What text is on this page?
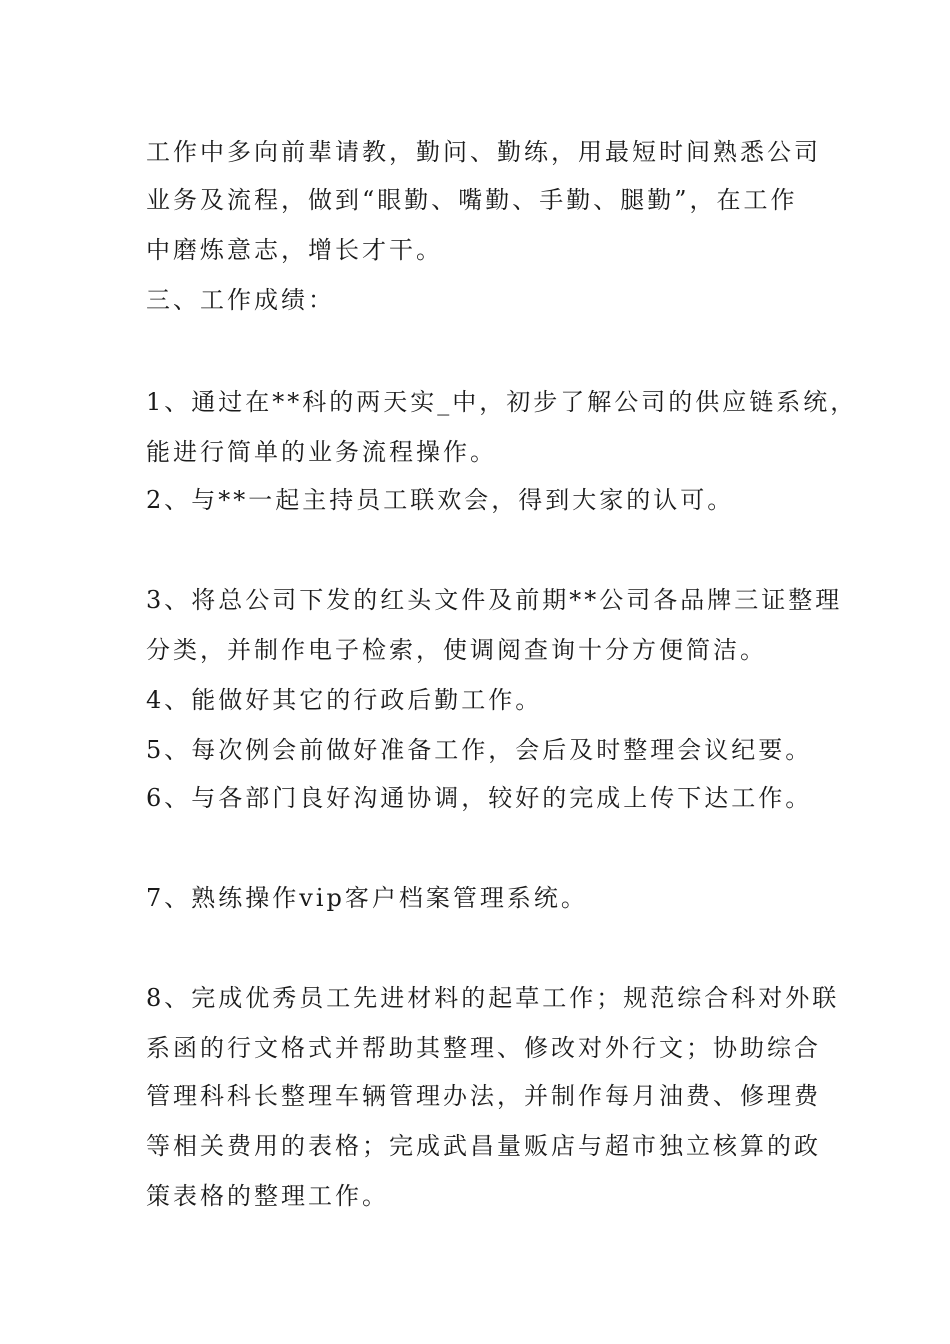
工作中多向前辈请教，勤问、勤练，用最短时间熟悉公司
业务及流程，做到“眼勤、嘴勤、手勤、腿勤”，在工作
中磨炼意志，增长才干。
三、工作成绩：
1、通过在**科的两天实_中，初步了解公司的供应链系统，
能进行简单的业务流程操作。
2、与**一起主持员工联欢会，得到大家的认可。
3、将总公司下发的红头文件及前期**公司各品牌三证整理
分类，并制作电子检索，使调阅查询十分方便简洁。
4、能做好其它的行政后勤工作。
5、每次例会前做好准备工作，会后及时整理会议纪要。
6、与各部门良好沟通协调，较好的完成上传下达工作。
7、熟练操作vip客户档案管理系统。
8、完成优秀员工先进材料的起草工作；规范综合科对外联
系函的行文格式并帮助其整理、修改对外行文；协助综合
管理科科长整理车辆管理办法，并制作每月油费、修理费
等相关费用的表格；完成武昌量贩店与超市独立核算的政
策表格的整理工作。
